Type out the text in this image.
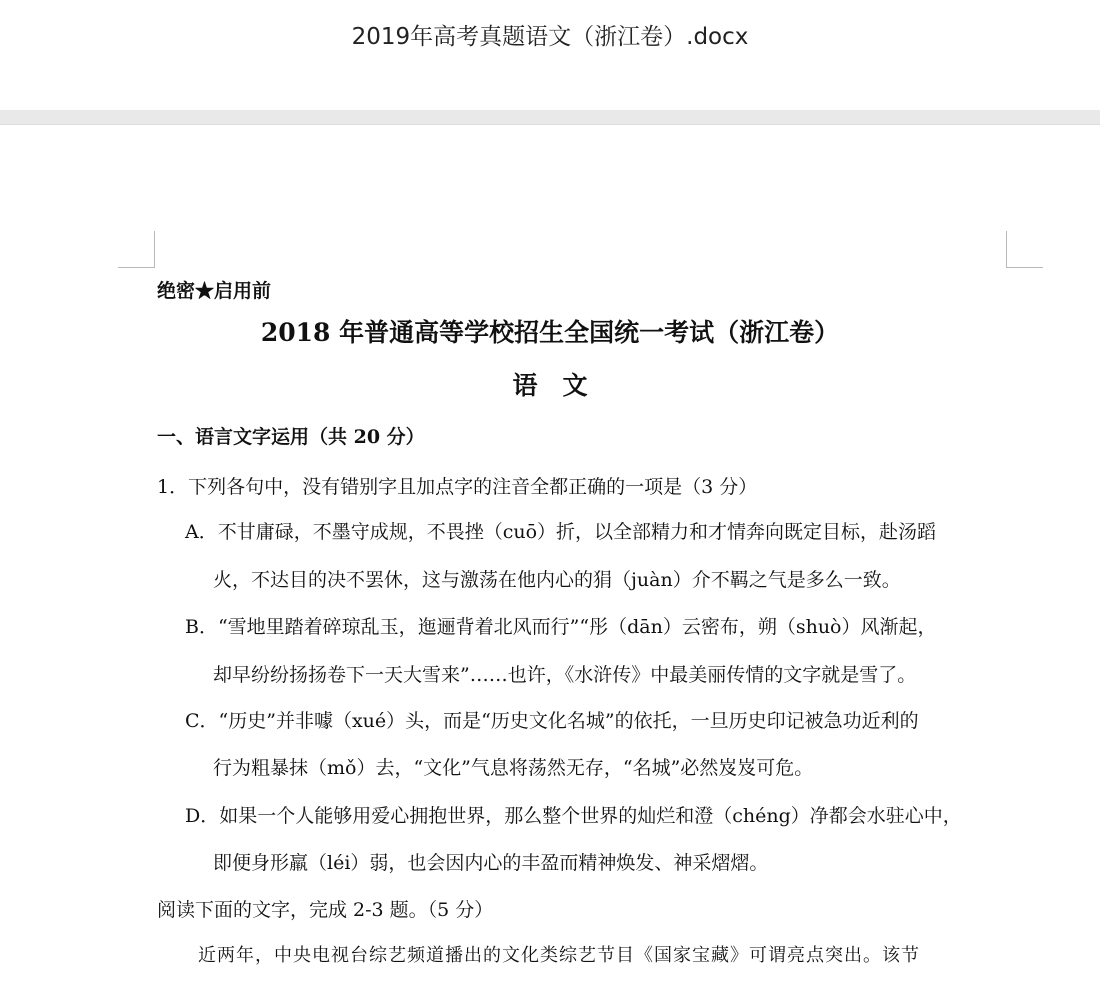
2019年高考真题语文（浙江卷）.docx
绝密★启用前
2018 年普通高等学校招生全国统一考试（浙江卷）
语　文
一、语言文字运用（共 20 分）
1．下列各句中，没有错别字且加点字的注音全都正确的一项是（3 分）
A．不甘庸碌，不墨守成规，不畏挫（cuō）折，以全部精力和才情奔向既定目标，赴汤蹈
火，不达目的决不罢休，这与激荡在他内心的狷（juàn）介不羁之气是多么一致。
B．“雪地里踏着碎琼乱玉，迤逦背着北风而行”“彤（dān）云密布，朔（shuò）风渐起，
却早纷纷扬扬卷下一天大雪来”……也许，《水浒传》中最美丽传情的文字就是雪了。
C．“历史”并非噱（xué）头，而是“历史文化名城”的依托，一旦历史印记被急功近利的
行为粗暴抹（mǒ）去，“文化”气息将荡然无存，“名城”必然岌岌可危。
D．如果一个人能够用爱心拥抱世界，那么整个世界的灿烂和澄（chéng）净都会水驻心中，
即便身形羸（léi）弱，也会因内心的丰盈而精神焕发、神采熠熠。
阅读下面的文字，完成 2-3 题。（5 分）
近两年，中央电视台综艺频道播出的文化类综艺节目《国家宝藏》可谓亮点突出。该节
